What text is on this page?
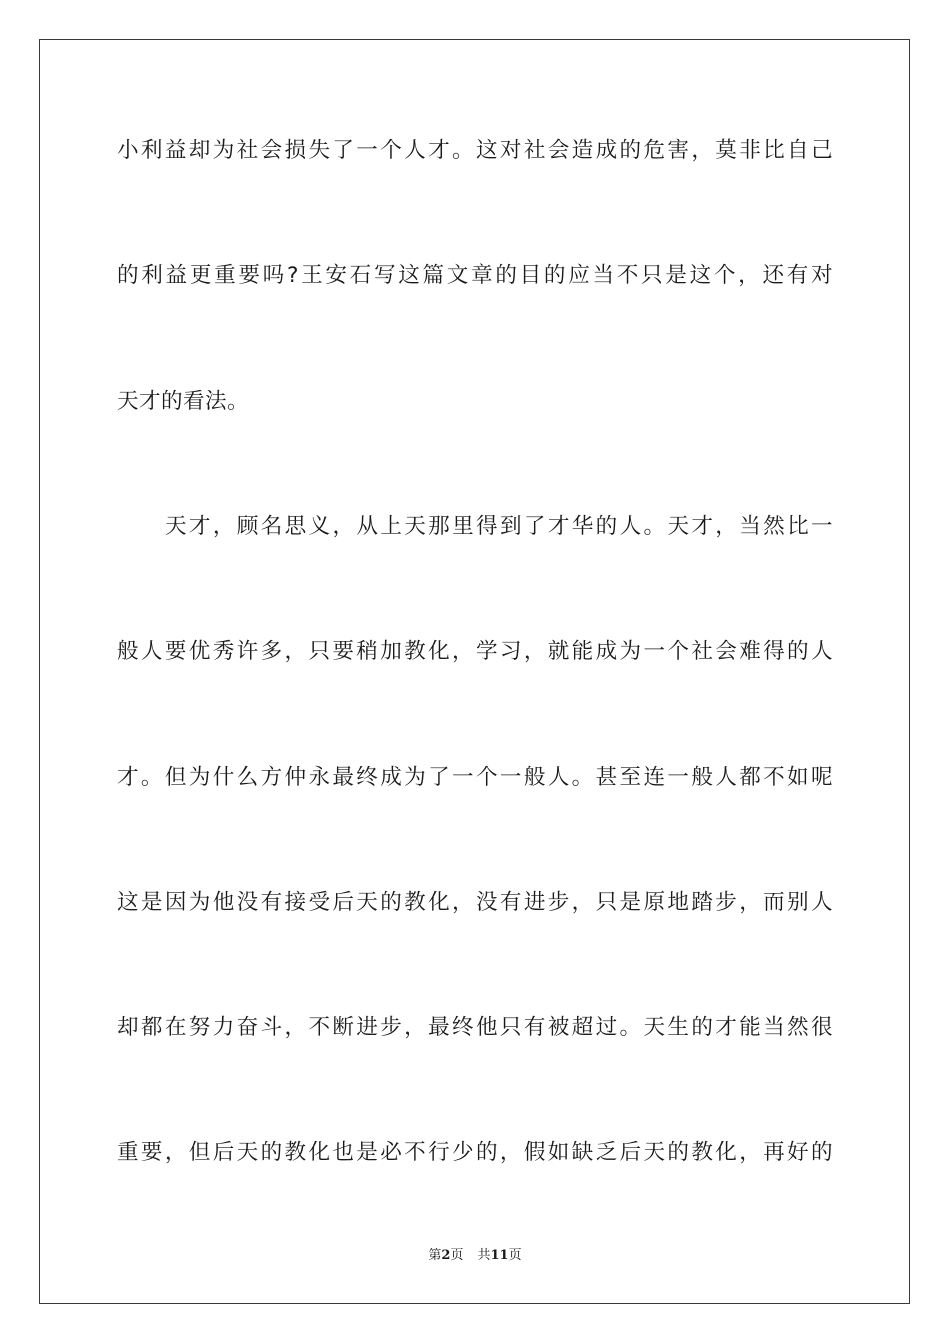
小利益却为社会损失了一个人才。这对社会造成的危害，莫非比自己
的利益更重要吗?王安石写这篇文章的目的应当不只是这个，还有对
天才的看法。
天才，顾名思义，从上天那里得到了才华的人。天才，当然比一
般人要优秀许多，只要稍加教化，学习，就能成为一个社会难得的人
才。但为什么方仲永最终成为了一个一般人。甚至连一般人都不如呢
这是因为他没有接受后天的教化，没有进步，只是原地踏步，而别人
却都在努力奋斗，不断进步，最终他只有被超过。天生的才能当然很
重要，但后天的教化也是必不行少的，假如缺乏后天的教化，再好的
第2页 共11页
